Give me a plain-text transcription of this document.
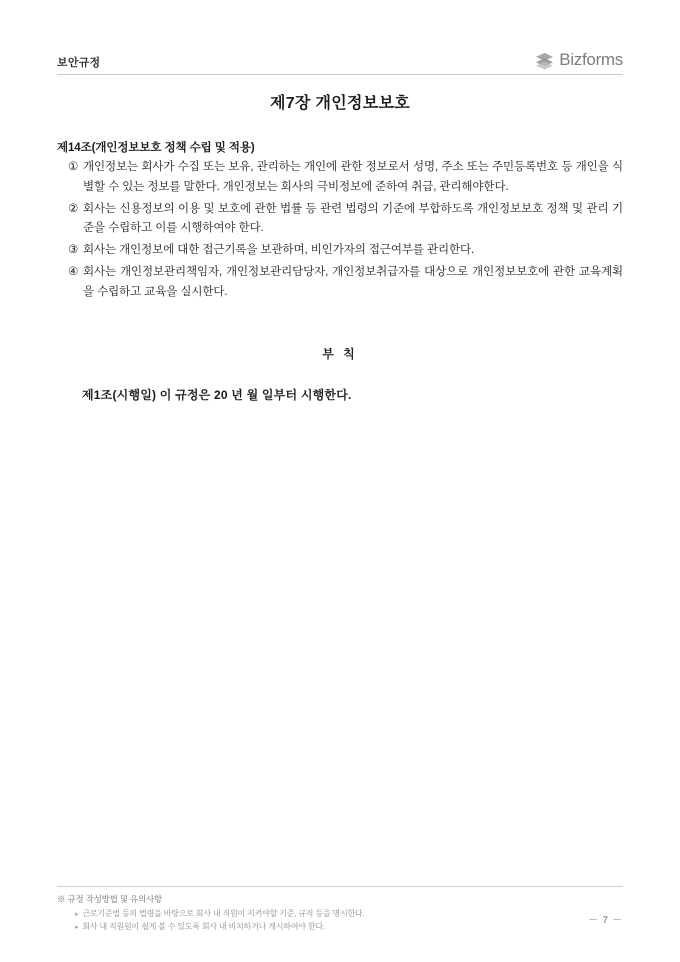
보안규정	Bizforms
제7장 개인정보보호
제14조(개인정보보호 정책 수립 및 적용)
① 개인정보는 회사가 수집 또는 보유, 관리하는 개인에 관한 정보로서 성명, 주소 또는 주민등록번호 등 개인을 식별할 수 있는 정보를 말한다. 개인정보는 회사의 극비정보에 준하여 취급, 관리해야한다.
② 회사는 신용정보의 이용 및 보호에 관한 법률 등 관련 법령의 기준에 부합하도록 개인정보보호 정책 및 관리 기준을 수립하고 이를 시행하여야 한다.
③ 회사는 개인정보에 대한 접근기록을 보관하며, 비인가자의 접근여부를 관리한다.
④ 회사는 개인정보관리책임자, 개인정보관리담당자, 개인정보취급자를 대상으로 개인정보보호에 관한 교육계획을 수립하고 교육을 실시한다.
부 칙
제1조(시행일) 이 규정은 20 년 월 일부터 시행한다.
※ 규정 작성방법 및 유의사항
▸ 근로기준법 등의 법령을 바탕으로 회사 내 직원이 지켜야할 기준, 규직 등을 명시한다.
▸ 회사 내 직원원이 쉽게 볼 수 있도록 회사 내 비치하거나 게시하여야 한다.
－ 7 －
